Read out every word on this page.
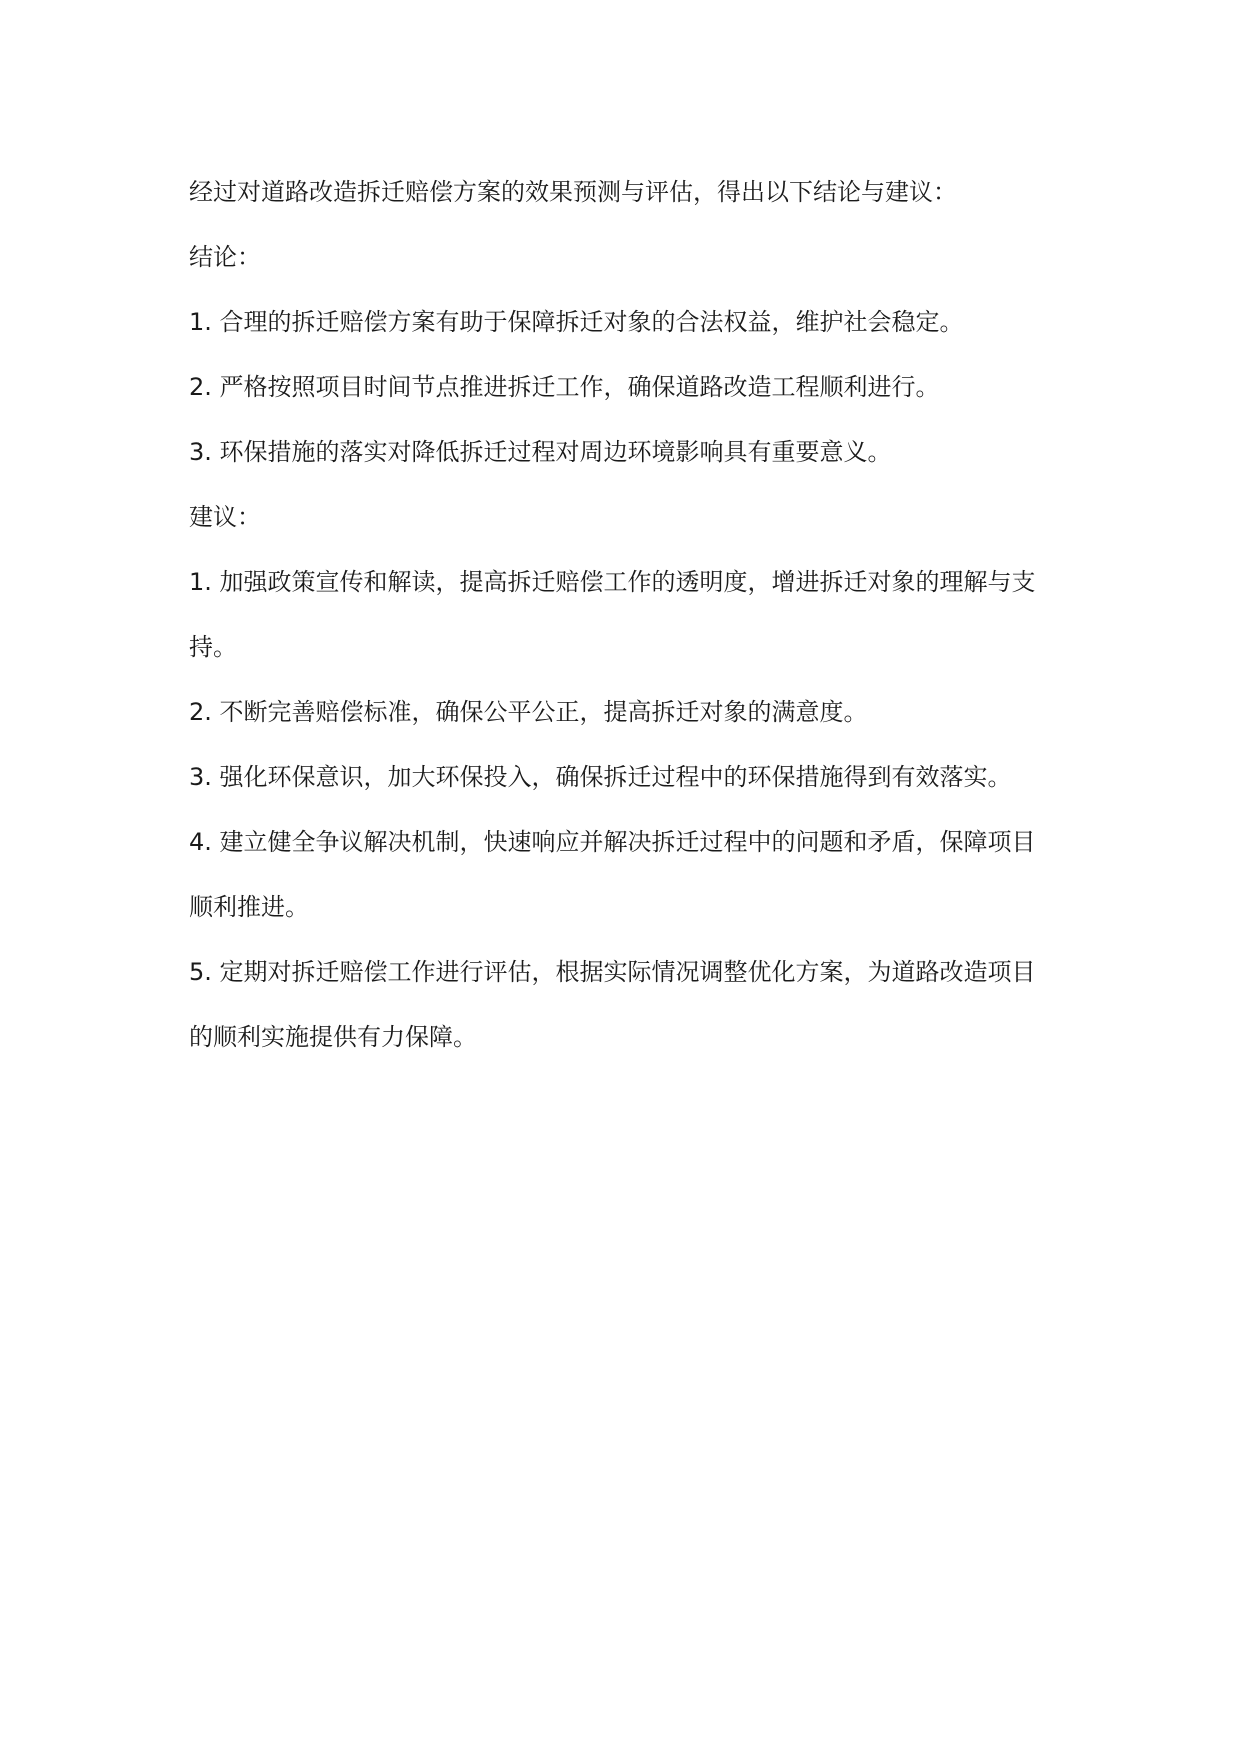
经过对道路改造拆迁赔偿方案的效果预测与评估，得出以下结论与建议：

结论：

1. 合理的拆迁赔偿方案有助于保障拆迁对象的合法权益，维护社会稳定。

2. 严格按照项目时间节点推进拆迁工作，确保道路改造工程顺利进行。

3. 环保措施的落实对降低拆迁过程对周边环境影响具有重要意义。

建议：

1. 加强政策宣传和解读，提高拆迁赔偿工作的透明度，增进拆迁对象的理解与支持。

2. 不断完善赔偿标准，确保公平公正，提高拆迁对象的满意度。

3. 强化环保意识，加大环保投入，确保拆迁过程中的环保措施得到有效落实。

4. 建立健全争议解决机制，快速响应并解决拆迁过程中的问题和矛盾，保障项目顺利推进。

5. 定期对拆迁赔偿工作进行评估，根据实际情况调整优化方案，为道路改造项目的顺利实施提供有力保障。
